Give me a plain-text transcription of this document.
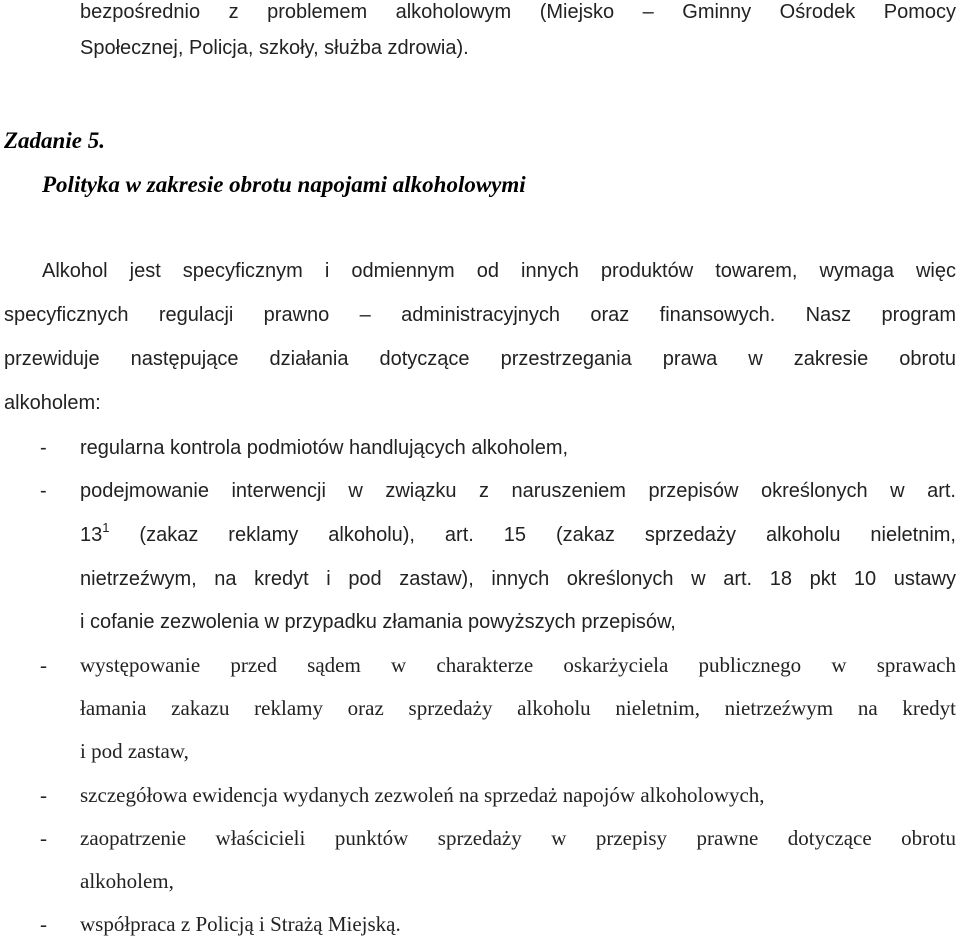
bezpośrednio z problemem alkoholowym (Miejsko – Gminny Ośrodek Pomocy
Społecznej, Policja, szkoły, służba zdrowia).
Zadanie 5.
Polityka w zakresie obrotu napojami alkoholowymi
Alkohol jest specyficznym i odmiennym od innych produktów towarem, wymaga więc
specyficznych regulacji prawno – administracyjnych oraz finansowych. Nasz program
przewiduje następujące działania dotyczące przestrzegania prawa w zakresie obrotu
alkoholem:
- regularna kontrola podmiotów handlujących alkoholem,
- podejmowanie interwencji w związku z naruszeniem przepisów określonych w art.
$13^1$ (zakaz reklamy alkoholu), art. 15 (zakaz sprzedaży alkoholu nieletnim,
nietrzeźwym, na kredyt i pod zastaw), innych określonych w art. 18 pkt 10 ustawy
i cofanie zezwolenia w przypadku złamania powyższych przepisów,
- występowanie przed sądem w charakterze oskarżyciela publicznego w sprawach
łamania zakazu reklamy oraz sprzedaży alkoholu nieletnim, nietrzeźwym na kredyt
i pod zastaw,
- szczegółowa ewidencja wydanych zezwoleń na sprzedaż napojów alkoholowych,
- zaopatrzenie właścicieli punktów sprzedaży w przepisy prawne dotyczące obrotu
alkoholem,
- współpraca z Policją i Strażą Miejską.
